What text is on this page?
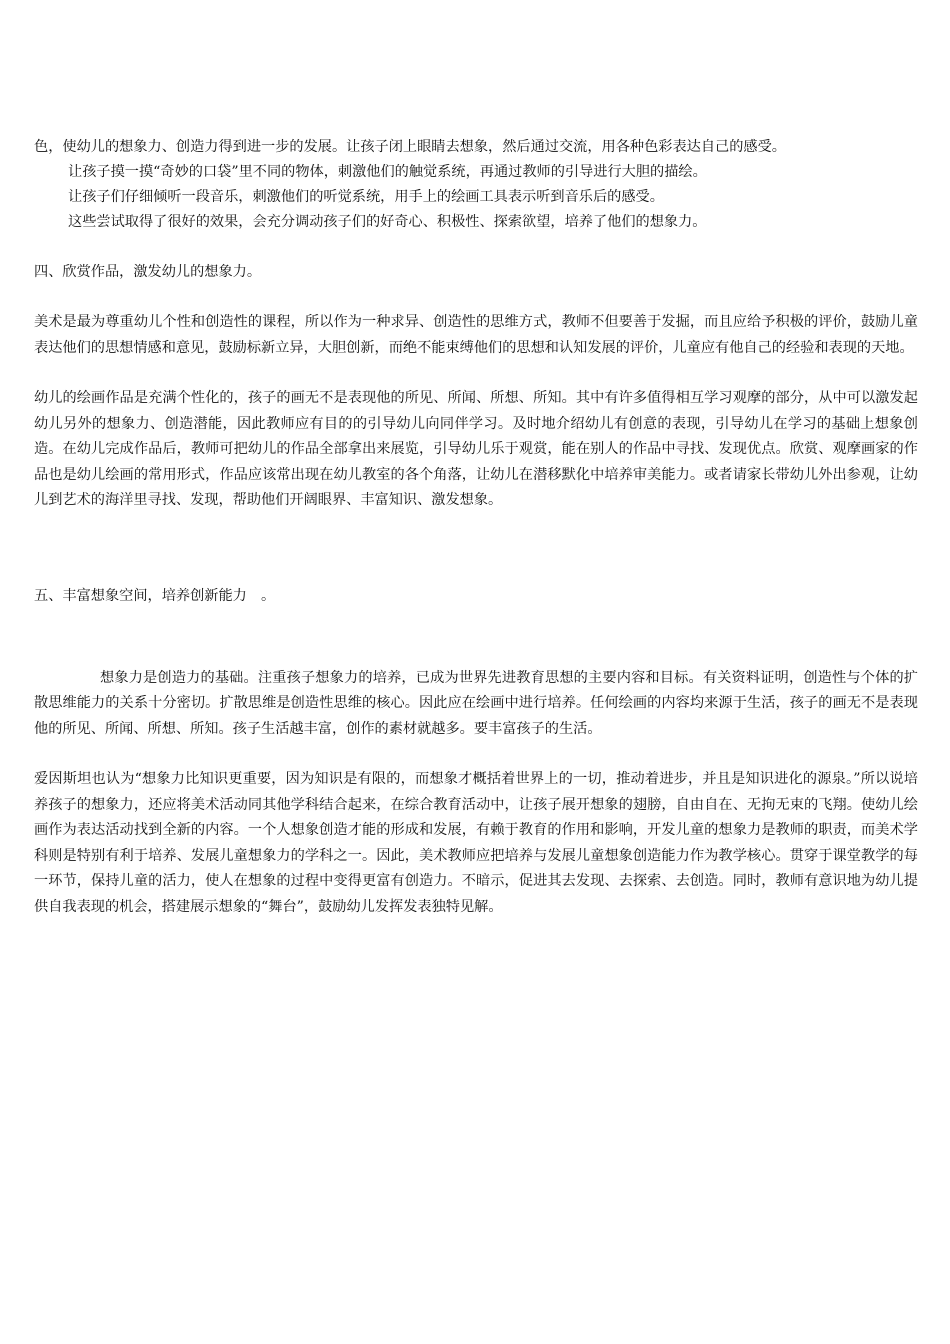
色，使幼儿的想象力、创造力得到进一步的发展。让孩子闭上眼睛去想象，然后通过交流，用各种色彩表达自己的感受。

让孩子摸一摸“奇妙的口袋”里不同的物体，刺激他们的触觉系统，再通过教师的引导进行大胆的描绘。

让孩子们仔细倾听一段音乐，刺激他们的听觉系统，用手上的绘画工具表示听到音乐后的感受。

这些尝试取得了很好的效果，会充分调动孩子们的好奇心、积极性、探索欲望，培养了他们的想象力。

四、欣赏作品，激发幼儿的想象力。

美术是最为尊重幼儿个性和创造性的课程，所以作为一种求异、创造性的思维方式，教师不但要善于发掘，而且应给予积极的评价，鼓励儿童表达他们的思想情感和意见，鼓励标新立异，大胆创新，而绝不能束缚他们的思想和认知发展的评价，儿童应有他自己的经验和表现的天地。

幼儿的绘画作品是充满个性化的，孩子的画无不是表现他的所见、所闻、所想、所知。其中有许多值得相互学习观摩的部分，从中可以激发起幼儿另外的想象力、创造潜能，因此教师应有目的的引导幼儿向同伴学习。及时地介绍幼儿有创意的表现，引导幼儿在学习的基础上想象创造。在幼儿完成作品后，教师可把幼儿的作品全部拿出来展览，引导幼儿乐于观赏，能在别人的作品中寻找、发现优点。欣赏、观摩画家的作品也是幼儿绘画的常用形式，作品应该常出现在幼儿教室的各个角落，让幼儿在潜移默化中培养审美能力。或者请家长带幼儿外出参观，让幼儿到艺术的海洋里寻找、发现，帮助他们开阔眼界、丰富知识、激发想象。

五、丰富想象空间，培养创新能力　。

想象力是创造力的基础。注重孩子想象力的培养，已成为世界先进教育思想的主要内容和目标。有关资料证明，创造性与个体的扩散思维能力的关系十分密切。扩散思维是创造性思维的核心。因此应在绘画中进行培养。任何绘画的内容均来源于生活，孩子的画无不是表现他的所见、所闻、所想、所知。孩子生活越丰富，创作的素材就越多。要丰富孩子的生活。

爱因斯坦也认为“想象力比知识更重要，因为知识是有限的，而想象才概括着世界上的一切，推动着进步，并且是知识进化的源泉。”所以说培养孩子的想象力，还应将美术活动同其他学科结合起来，在综合教育活动中，让孩子展开想象的翅膀，自由自在、无拘无束的飞翔。使幼儿绘画作为表达活动找到全新的内容。一个人想象创造才能的形成和发展，有赖于教育的作用和影响，开发儿童的想象力是教师的职责，而美术学科则是特别有利于培养、发展儿童想象力的学科之一。因此，美术教师应把培养与发展儿童想象创造能力作为教学核心。贯穿于课堂教学的每一环节，保持儿童的活力，使人在想象的过程中变得更富有创造力。不暗示，促进其去发现、去探索、去创造。同时，教师有意识地为幼儿提供自我表现的机会，搭建展示想象的“舞台”，鼓励幼儿发挥发表独特见解。
